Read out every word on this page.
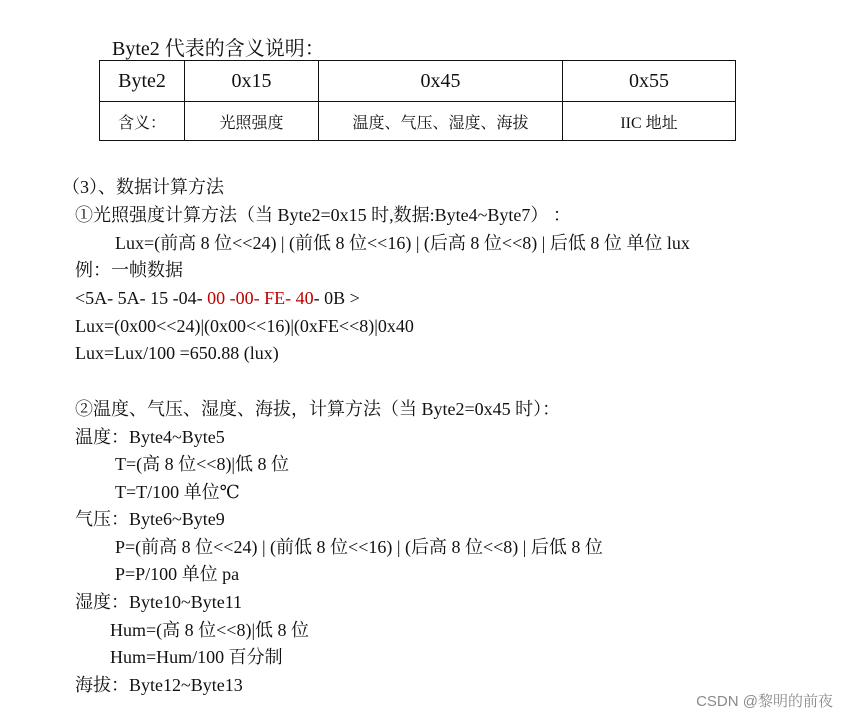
Byte2 代表的含义说明：
Byte2	0x15	0x45	0x55
含义：	光照强度	温度、气压、湿度、海拔	IIC 地址
（3）、数据计算方法
①光照强度计算方法（当 Byte2=0x15 时,数据:Byte4~Byte7） ：
Lux=(前高 8 位<<24) | (前低 8 位<<16) | (后高 8 位<<8) | 后低 8 位 单位 lux
例：一帧数据
<5A- 5A- 15 -04- 00 -00- FE- 40- 0B >
Lux=(0x00<<24)|(0x00<<16)|(0xFE<<8)|0x40
Lux=Lux/100 =650.88 (lux)
②温度、气压、湿度、海拔，计算方法（当 Byte2=0x45 时）：
温度：Byte4~Byte5
T=(高 8 位<<8)|低 8 位
T=T/100 单位℃
气压：Byte6~Byte9
P=(前高 8 位<<24) | (前低 8 位<<16) | (后高 8 位<<8) | 后低 8 位
P=P/100 单位 pa
湿度：Byte10~Byte11
Hum=(高 8 位<<8)|低 8 位
Hum=Hum/100 百分制
海拔：Byte12~Byte13
CSDN @黎明的前夜
